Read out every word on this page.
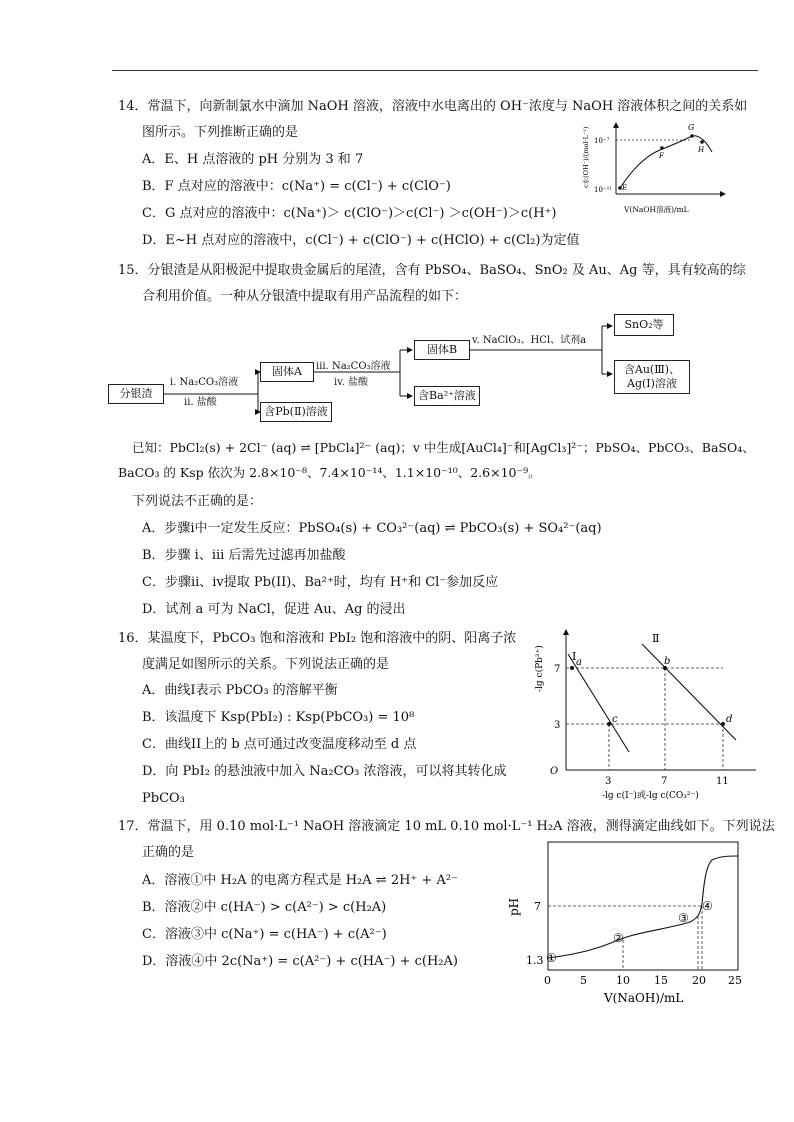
14．常温下，向新制氯水中滴加 NaOH 溶液，溶液中水电离出的 OH⁻浓度与 NaOH 溶液体积之间的关系如
图所示。下列推断正确的是
A．E、H 点溶液的 pH 分别为 3 和 7
B．F 点对应的溶液中：c(Na⁺) = c(Cl⁻) + c(ClO⁻)
C．G 点对应的溶液中：c(Na⁺)＞ c(ClO⁻)＞c(Cl⁻) ＞c(OH⁻)＞c(H⁺)
D．E~H 点对应的溶液中，c(Cl⁻) + c(ClO⁻) + c(HClO) + c(Cl₂)为定值
10⁻⁷
10⁻¹¹ E
F
G
H
V(NaOH溶液)/mL
c水(OH⁻)/(mol·L⁻¹)
15．分银渣是从阳极泥中提取贵金属后的尾渣，含有 PbSO₄、BaSO₄、SnO₂ 及 Au、Ag 等，具有较高的综
合利用价值。一种从分银渣中提取有用产品流程的如下：
分银渣
i. Na₂CO₃溶液
ii. 盐酸
固体A
含Pb(Ⅱ)溶液
iii. Na₂CO₃溶液
iv. 盐酸
固体B
含Ba²⁺溶液
v. NaClO₃、HCl、试剂a
SnO₂等
含Au(Ⅲ)、
Ag(Ⅰ)溶液
已知：PbCl₂(s) + 2Cl⁻ (aq) ⇌ [PbCl₄]²⁻ (aq)；v 中生成[AuCl₄]⁻和[AgCl₃]²⁻；PbSO₄、PbCO₃、BaSO₄、
BaCO₃ 的 Ksp 依次为 2.8×10⁻⁸、7.4×10⁻¹⁴、1.1×10⁻¹⁰、2.6×10⁻⁹。
下列说法不正确的是：
A．步骤i中一定发生反应：PbSO₄(s) + CO₃²⁻(aq) ⇌ PbCO₃(s) + SO₄²⁻(aq)
B．步骤 i、iii 后需先过滤再加盐酸
C．步骤ii、iv提取 Pb(II)、Ba²⁺时，均有 H⁺和 Cl⁻参加反应
D．试剂 a 可为 NaCl，促进 Au、Ag 的浸出
16．某温度下，PbCO₃ 饱和溶液和 PbI₂ 饱和溶液中的阴、阳离子浓
度满足如图所示的关系。下列说法正确的是
A．曲线I表示 PbCO₃ 的溶解平衡
B．该温度下 Ksp(PbI₂) : Ksp(PbCO₃) = 10⁸
C．曲线II上的 b 点可通过改变温度移动至 d 点
D．向 PbI₂ 的悬浊液中加入 Na₂CO₃ 浓溶液，可以将其转化成
PbCO₃
Ⅰ
Ⅱ
a	b
c	d
7
3
O
3	7	11
-lg c(I⁻)或-lg c(CO₃²⁻)
-lg c(Pb²⁺)
17．常温下，用 0.10 mol·L⁻¹ NaOH 溶液滴定 10 mL 0.10 mol·L⁻¹ H₂A 溶液，测得滴定曲线如下。下列说法
正确的是
A．溶液①中 H₂A 的电离方程式是 H₂A ⇌ 2H⁺ + A²⁻
B．溶液②中 c(HA⁻) > c(A²⁻) > c(H₂A)
C．溶液③中 c(Na⁺) = c(HA⁻) + c(A²⁻)
D．溶液④中 2c(Na⁺) = c(A²⁻) + c(HA⁻) + c(H₂A)	①
②
③
④
7
1.3
0	5	10 15 20 25
V(NaOH)/mL
pH
